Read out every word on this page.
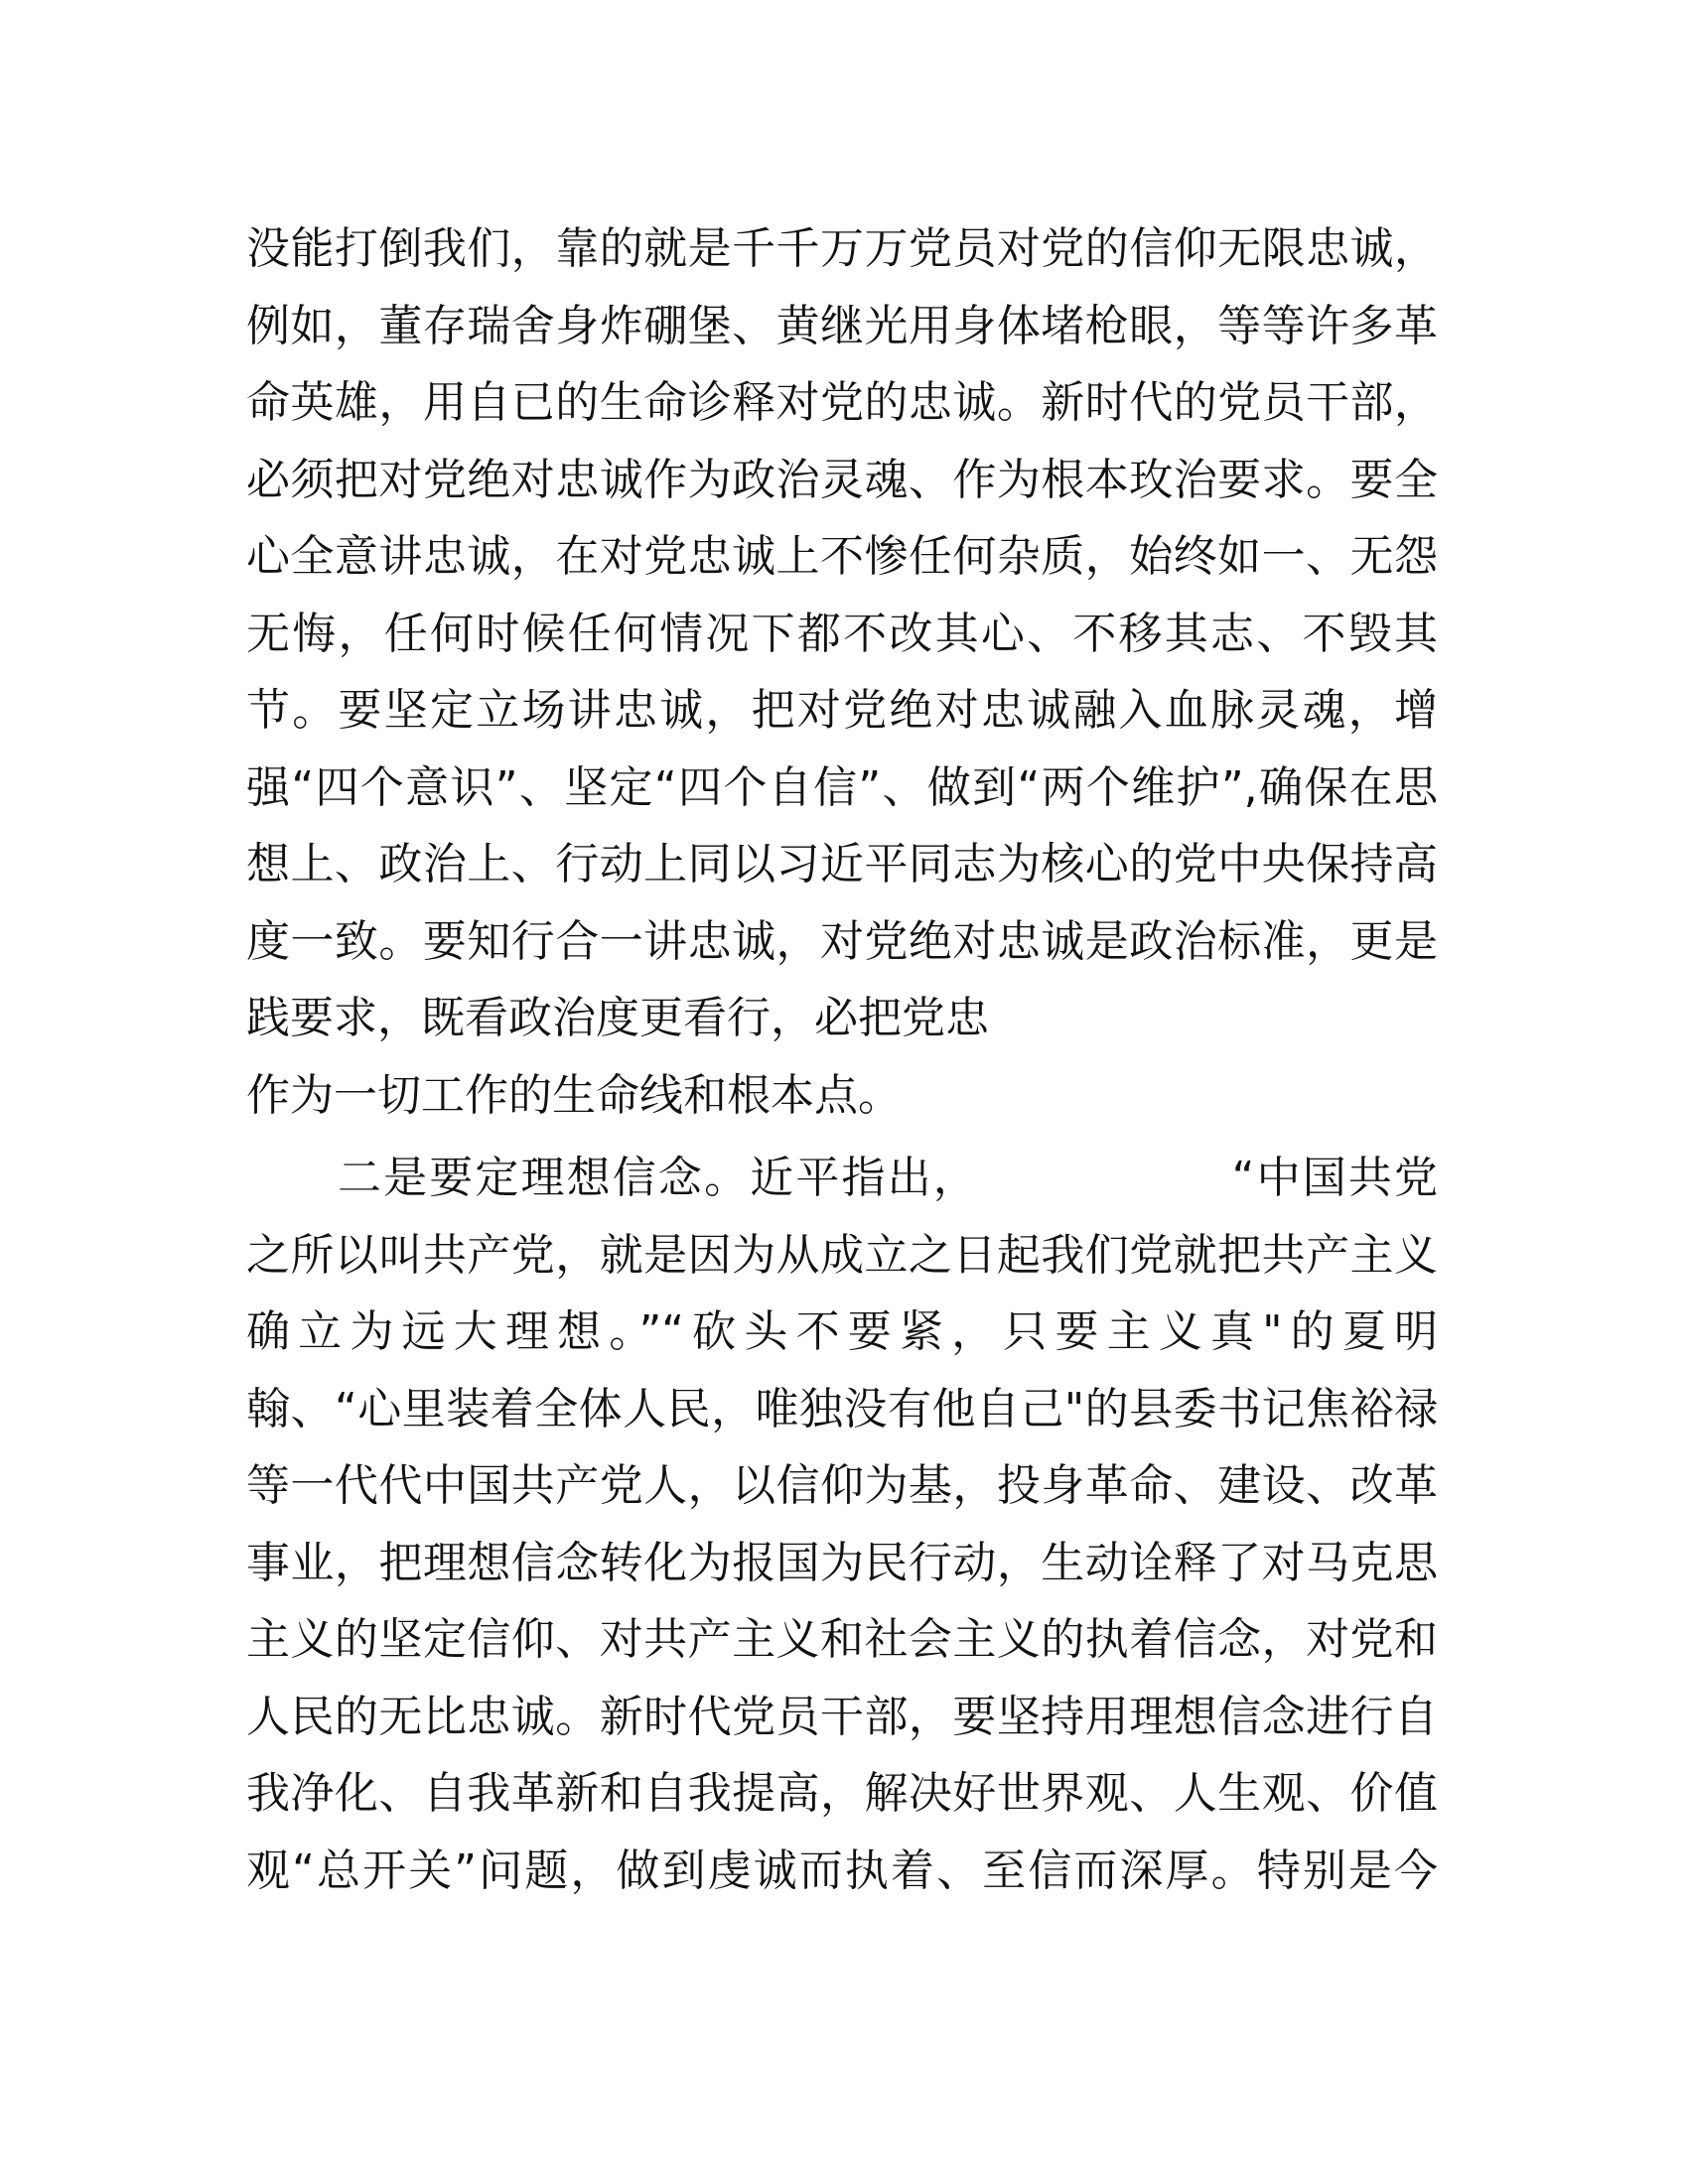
没能打倒我们，靠的就是千千万万党员对党的信仰无限忠诚，
例如，董存瑞舍身炸硼堡、黄继光用身体堵枪眼，等等许多革
命英雄，用自已的生命诊释对党的忠诚。新时代的党员干部，
必须把对党绝对忠诚作为政治灵魂、作为根本玫治要求。要全
心全意讲忠诚，在对党忠诚上不惨任何杂质，始终如一、无怨
无悔，任何时候任何情况下都不改其心、不移其志、不毁其
节。要坚定立场讲忠诚，把对党绝对忠诚融入血脉灵魂，增
强“四个意识”、坚定“四个自信”、做到“两个维护”,确保在思
想上、政治上、行动上同以习近平同志为核心的党中央保持高
度一致。要知行合一讲忠诚，对党绝对忠诚是政治标准，更是
践要求，既看政治度更看行，必把党忠
作为一切工作的生命线和根本点。
二是要定理想信念。近平指出，　　　　　　“中国共党
之所以叫共产党，就是因为从成立之日起我们党就把共产主义
确立为远大理想。”“砍头不要紧，只要主义真"的夏明
翰、“心里装着全体人民，唯独没有他自己"的县委书记焦裕禄
等一代代中国共产党人，以信仰为基，投身革命、建设、改革
事业，把理想信念转化为报国为民行动，生动诠释了对马克思
主义的坚定信仰、对共产主义和社会主义的执着信念，对党和
人民的无比忠诚。新时代党员干部，要坚持用理想信念进行自
我净化、自我革新和自我提高，解决好世界观、人生观、价值
观“总开关”问题，做到虔诚而执着、至信而深厚。特别是今
